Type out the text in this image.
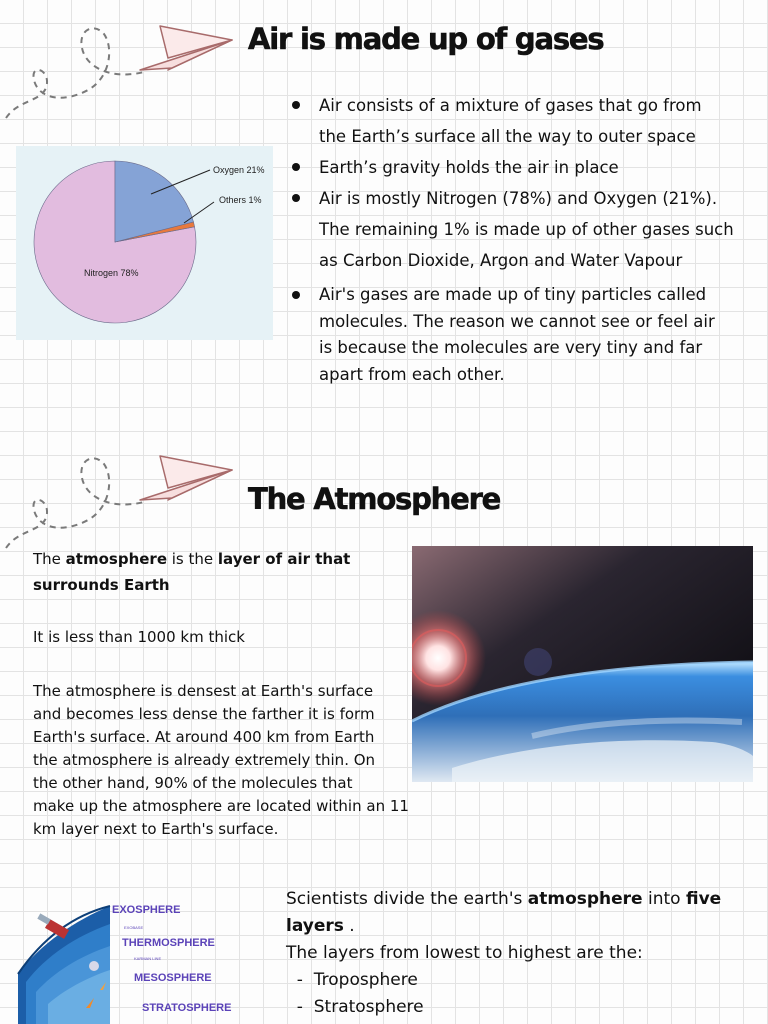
Air is made up of gases
Oxygen 21%
Others 1%
Nitrogen 78%
Air consists of a mixture of gases that go from
the Earth’s surface all the way to outer space
Earth’s gravity holds the air in place
Air is mostly Nitrogen (78%) and Oxygen (21%).
The remaining 1% is made up of other gases such
as Carbon Dioxide, Argon and Water Vapour
Air's gases are made up of tiny particles called
molecules. The reason we cannot see or feel air
is because the molecules are very tiny and far
apart from each other.
The Atmosphere
The atmosphere is the layer of air that
surrounds Earth
It is less than 1000 km thick
The atmosphere is densest at Earth's surface
and becomes less dense the farther it is form
Earth's surface. At around 400 km from Earth
the atmosphere is already extremely thin. On
the other hand, 90% of the molecules that
make up the atmosphere are located within an 11
km layer next to Earth's surface.
EXOSPHERE
EXOBASE
THERMOSPHERE
KARMAN LINE
MESOSPHERE
STRATOSPHERE
Scientists divide the earth's atmosphere into five
layers .
The layers from lowest to highest are the:
-  Troposphere
-  Stratosphere
